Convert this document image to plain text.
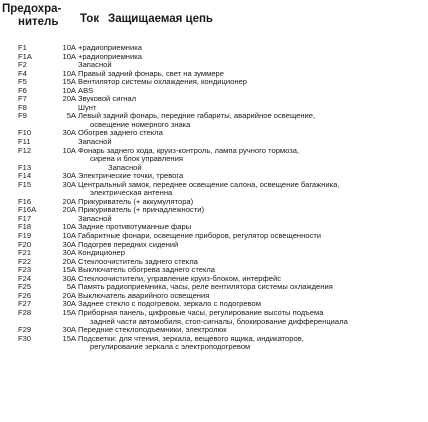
Предохра-
нитель Ток Защищаемая цепь
F1	10A +радиоприемника
F1A	10A +радиоприемника
F2	Запасной
F4	10A Правый задний фонарь, свет на зуммере
F5	15A Вентилятор системы охлаждения, кондиционер
F6	10A ABS
F7	20A Звуковой сигнал
F8	Шунт
F9	5A Левый задний фонарь, передние габариты, аварийное освещение,
освещение номерного знака
F10	30A Обогрев заднего стекла
F11	Запасной
F12	10A Фонарь заднего хода, круиз-контроль, лампа ручного тормоза,
сирена и блок управления
F13	Запасной
F14	30A Электрические точки, тревога
F15	30A Центральный замок, переднее освещение салона, освещение багажника,
электрическая антенна
F16	20A Прикуриватель (+ аккумулятора)
F16A	20A Прикуриватель (+ принадлежности)
F17	Запасной
F18	10A Задние противотуманные фары
F19	10A Габаритные фонари, освещение приборов, регулятор освещенности
F20	30A Подогрев передних сидений
F21	30A Кондиционер
F22	20A Стеклоочиститель заднего стекла
F23	15A Выключатель обогрева заднего стекла
F24	30A Стеклоочистители, управление круиз-блоком, интерфейс
F25	5A Память радиоприемника, часы, реле вентилятора системы охлаждения
F26	20A Выключатель аварийного освещения
F27	30A Заднее стекло с подогревом, зеркало с подогревом
F28	15A Приборная панель, цифровые часы, регулирование высоты подъема
задней части автомобиля, стоп-сигналы, блокирование дифференциала
F29	30A Передние стеклоподъемники, электролюк
F30	15A Подсветки: для чтения, зеркала, вещевого ящика, индикаторов,
регулирование зеркала с электроподогревом
